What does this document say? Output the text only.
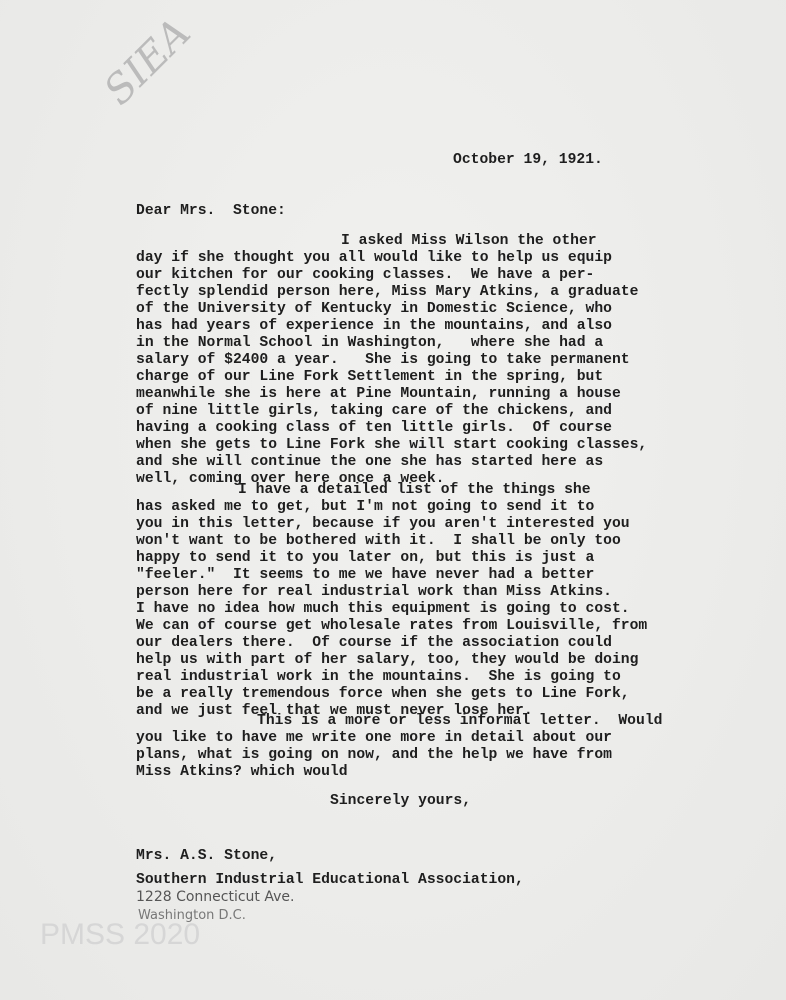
SIEA
October 19, 1921.
Dear Mrs.  Stone:
I asked Miss Wilson the other
day if she thought you all would like to help us equip
our kitchen for our cooking classes.  We have a per-
fectly splendid person here, Miss Mary Atkins, a graduate
of the University of Kentucky in Domestic Science, who
has had years of experience in the mountains, and also
in the Normal School in Washington,   where she had a
salary of $2400 a year.   She is going to take permanent
charge of our Line Fork Settlement in the spring, but
meanwhile she is here at Pine Mountain, running a house
of nine little girls, taking care of the chickens, and
having a cooking class of ten little girls.  Of course
when she gets to Line Fork she will start cooking classes,
and she will continue the one she has started here as
well, coming over here once a week.
I have a detailed list of the things she
has asked me to get, but I'm not going to send it to
you in this letter, because if you aren't interested you
won't want to be bothered with it.  I shall be only too
happy to send it to you later on, but this is just a
"feeler."  It seems to me we have never had a better
person here for real industrial work than Miss Atkins.
I have no idea how much this equipment is going to cost.
We can of course get wholesale rates from Louisville, from
our dealers there.  Of course if the association could
help us with part of her salary, too, they would be doing
real industrial work in the mountains.  She is going to
be a really tremendous force when she gets to Line Fork,
and we just feel that we must never lose her.
This is a more or less informal letter.  Would
you like to have me write one more in detail about our
plans, what is going on now, and the help we have from
Miss Atkins? which would
Sincerely yours,
Mrs. A.S. Stone,
Southern Industrial Educational Association,
1228 Connecticut Ave.
Washington D.C.
PMSS 2020
